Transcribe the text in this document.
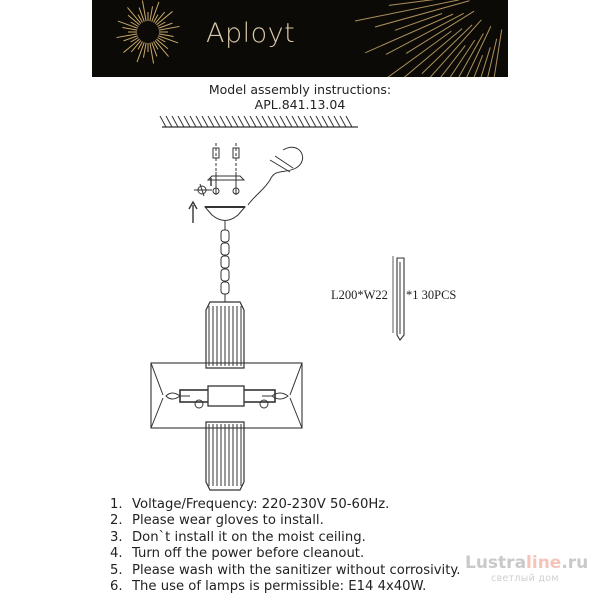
Aployt
Model assembly instructions:
APL.841.13.04
L200*W22 *1 30PCS
1. Voltage/Frequency: 220-230V 50-60Hz.
2. Please wear gloves to install.
3. Don`t install it on the moist ceiling.
4. Turn off the power before cleanout.
5. Please wash with the sanitizer without corrosivity.
6. The use of lamps is permissible: E14 4x40W.
Lustraline.ru
светлый дом
